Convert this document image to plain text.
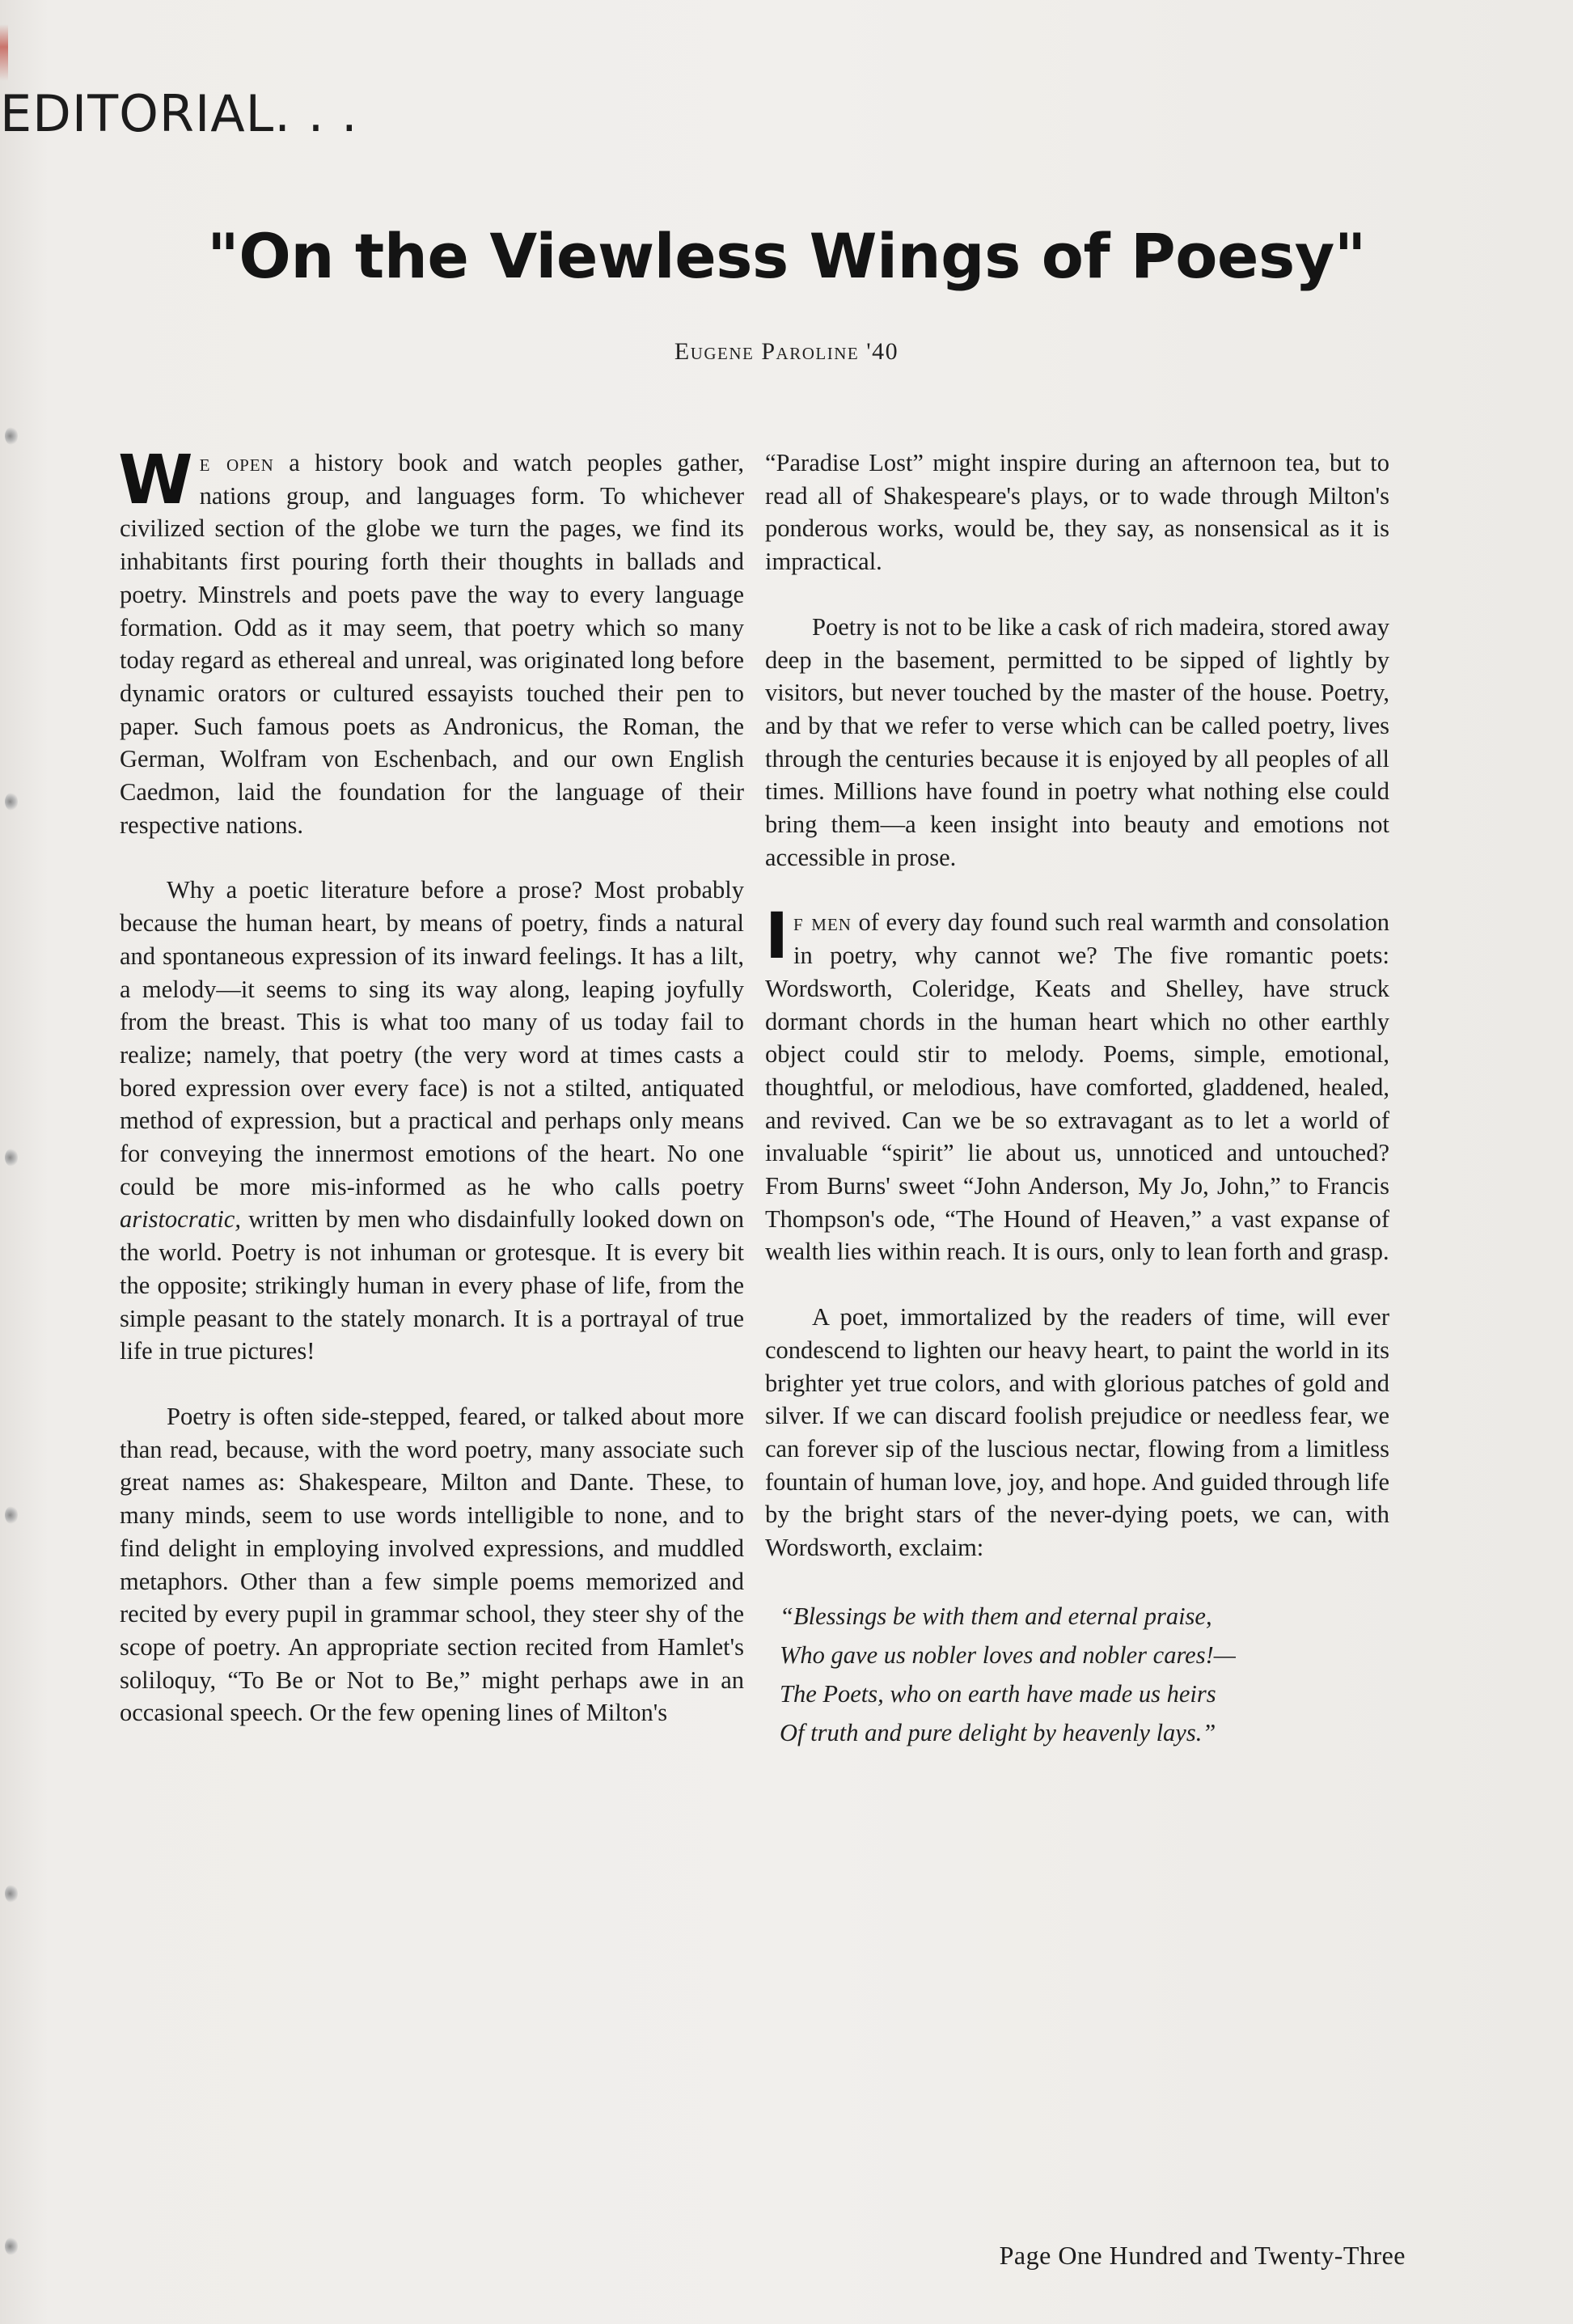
EDITORIAL. . .
"On the Viewless Wings of Poesy"
Eugene Paroline '40

We open a history book and watch peoples gather, nations group, and languages form. To whichever civilized section of the globe we turn the pages, we find its inhabitants first pouring forth their thoughts in ballads and poetry. Minstrels and poets pave the way to every language formation. Odd as it may seem, that poetry which so many today regard as ethereal and unreal, was originated long before dynamic orators or cultured essayists touched their pen to paper. Such famous poets as Andronicus, the Roman, the German, Wolfram von Eschenbach, and our own English Caedmon, laid the foundation for the language of their respective nations.

Why a poetic literature before a prose? Most probably because the human heart, by means of poetry, finds a natural and spontaneous expression of its inward feelings. It has a lilt, a melody—it seems to sing its way along, leaping joyfully from the breast. This is what too many of us today fail to realize; namely, that poetry (the very word at times casts a bored expression over every face) is not a stilted, antiquated method of expression, but a practical and perhaps only means for conveying the innermost emotions of the heart. No one could be more mis-informed as he who calls poetry aristocratic, written by men who disdainfully looked down on the world. Poetry is not inhuman or grotesque. It is every bit the opposite; strikingly human in every phase of life, from the simple peasant to the stately monarch. It is a portrayal of true life in true pictures!

Poetry is often side-stepped, feared, or talked about more than read, because, with the word poetry, many associate such great names as: Shakespeare, Milton and Dante. These, to many minds, seem to use words intelligible to none, and to find delight in employing involved expressions, and muddled metaphors. Other than a few simple poems memorized and recited by every pupil in grammar school, they steer shy of the scope of poetry. An appropriate section recited from Hamlet's soliloquy, “To Be or Not to Be,” might perhaps awe in an occasional speech. Or the few opening lines of Milton's

“Paradise Lost” might inspire during an afternoon tea, but to read all of Shakespeare's plays, or to wade through Milton's ponderous works, would be, they say, as nonsensical as it is impractical.

Poetry is not to be like a cask of rich madeira, stored away deep in the basement, permitted to be sipped of lightly by visitors, but never touched by the master of the house. Poetry, and by that we refer to verse which can be called poetry, lives through the centuries because it is enjoyed by all peoples of all times. Millions have found in poetry what nothing else could bring them—a keen insight into beauty and emotions not accessible in prose.

If men of every day found such real warmth and consolation in poetry, why cannot we? The five romantic poets: Wordsworth, Coleridge, Keats and Shelley, have struck dormant chords in the human heart which no other earthly object could stir to melody. Poems, simple, emotional, thoughtful, or melodious, have comforted, gladdened, healed, and revived. Can we be so extravagant as to let a world of invaluable “spirit” lie about us, unnoticed and untouched? From Burns' sweet “John Anderson, My Jo, John,” to Francis Thompson's ode, “The Hound of Heaven,” a vast expanse of wealth lies within reach. It is ours, only to lean forth and grasp.

A poet, immortalized by the readers of time, will ever condescend to lighten our heavy heart, to paint the world in its brighter yet true colors, and with glorious patches of gold and silver. If we can discard foolish prejudice or needless fear, we can forever sip of the luscious nectar, flowing from a limitless fountain of human love, joy, and hope. And guided through life by the bright stars of the never-dying poets, we can, with Wordsworth, exclaim:

“Blessings be with them and eternal praise,
Who gave us nobler loves and nobler cares!—
The Poets, who on earth have made us heirs
Of truth and pure delight by heavenly lays.”
Page One Hundred and Twenty-Three
